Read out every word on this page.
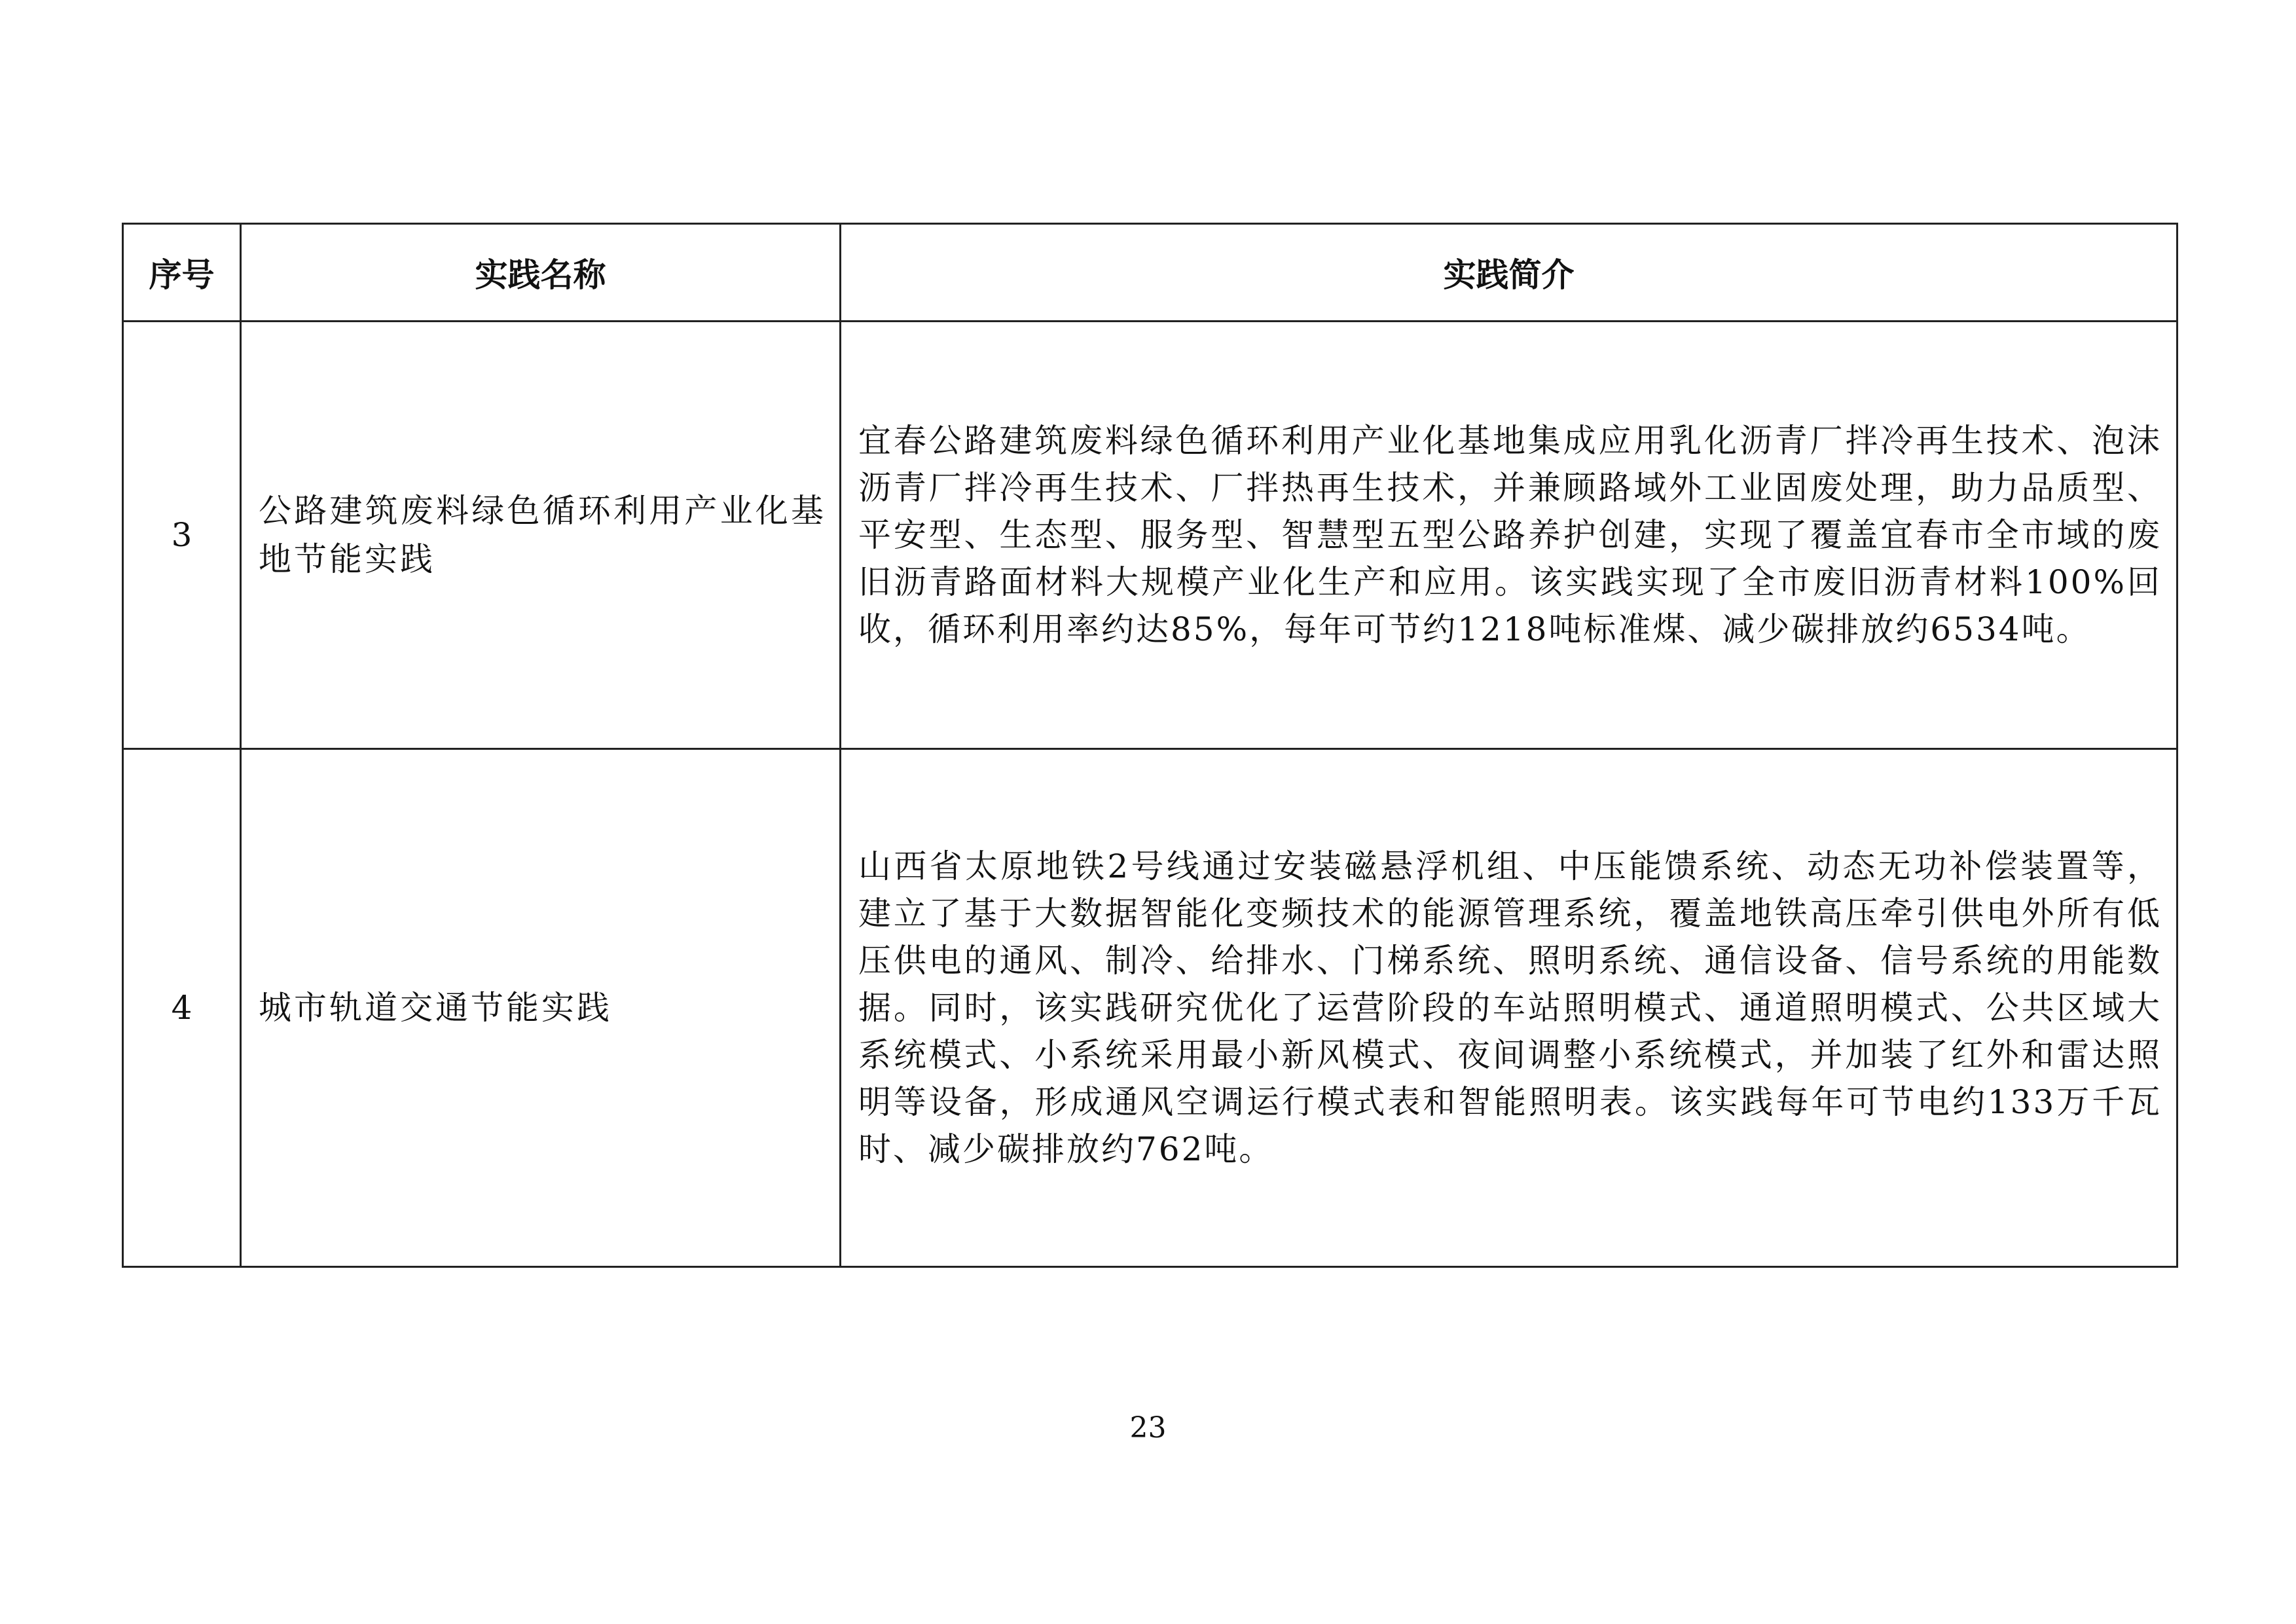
序号	实践名称	实践简介
3	公路建筑废料绿色循环利用产业化基地节能实践	宜春公路建筑废料绿色循环利用产业化基地集成应用乳化沥青厂拌冷再生技术、泡沫沥青厂拌冷再生技术、厂拌热再生技术，并兼顾路域外工业固废处理，助力品质型、平安型、生态型、服务型、智慧型五型公路养护创建，实现了覆盖宜春市全市域的废旧沥青路面材料大规模产业化生产和应用。该实践实现了全市废旧沥青材料100%回收，循环利用率约达85%，每年可节约1218吨标准煤、减少碳排放约6534吨。
4	城市轨道交通节能实践	山西省太原地铁2号线通过安装磁悬浮机组、中压能馈系统、动态无功补偿装置等，建立了基于大数据智能化变频技术的能源管理系统，覆盖地铁高压牵引供电外所有低压供电的通风、制冷、给排水、门梯系统、照明系统、通信设备、信号系统的用能数据。同时，该实践研究优化了运营阶段的车站照明模式、通道照明模式、公共区域大系统模式、小系统采用最小新风模式、夜间调整小系统模式，并加装了红外和雷达照明等设备，形成通风空调运行模式表和智能照明表。该实践每年可节电约133万千瓦时、减少碳排放约762吨。
23
